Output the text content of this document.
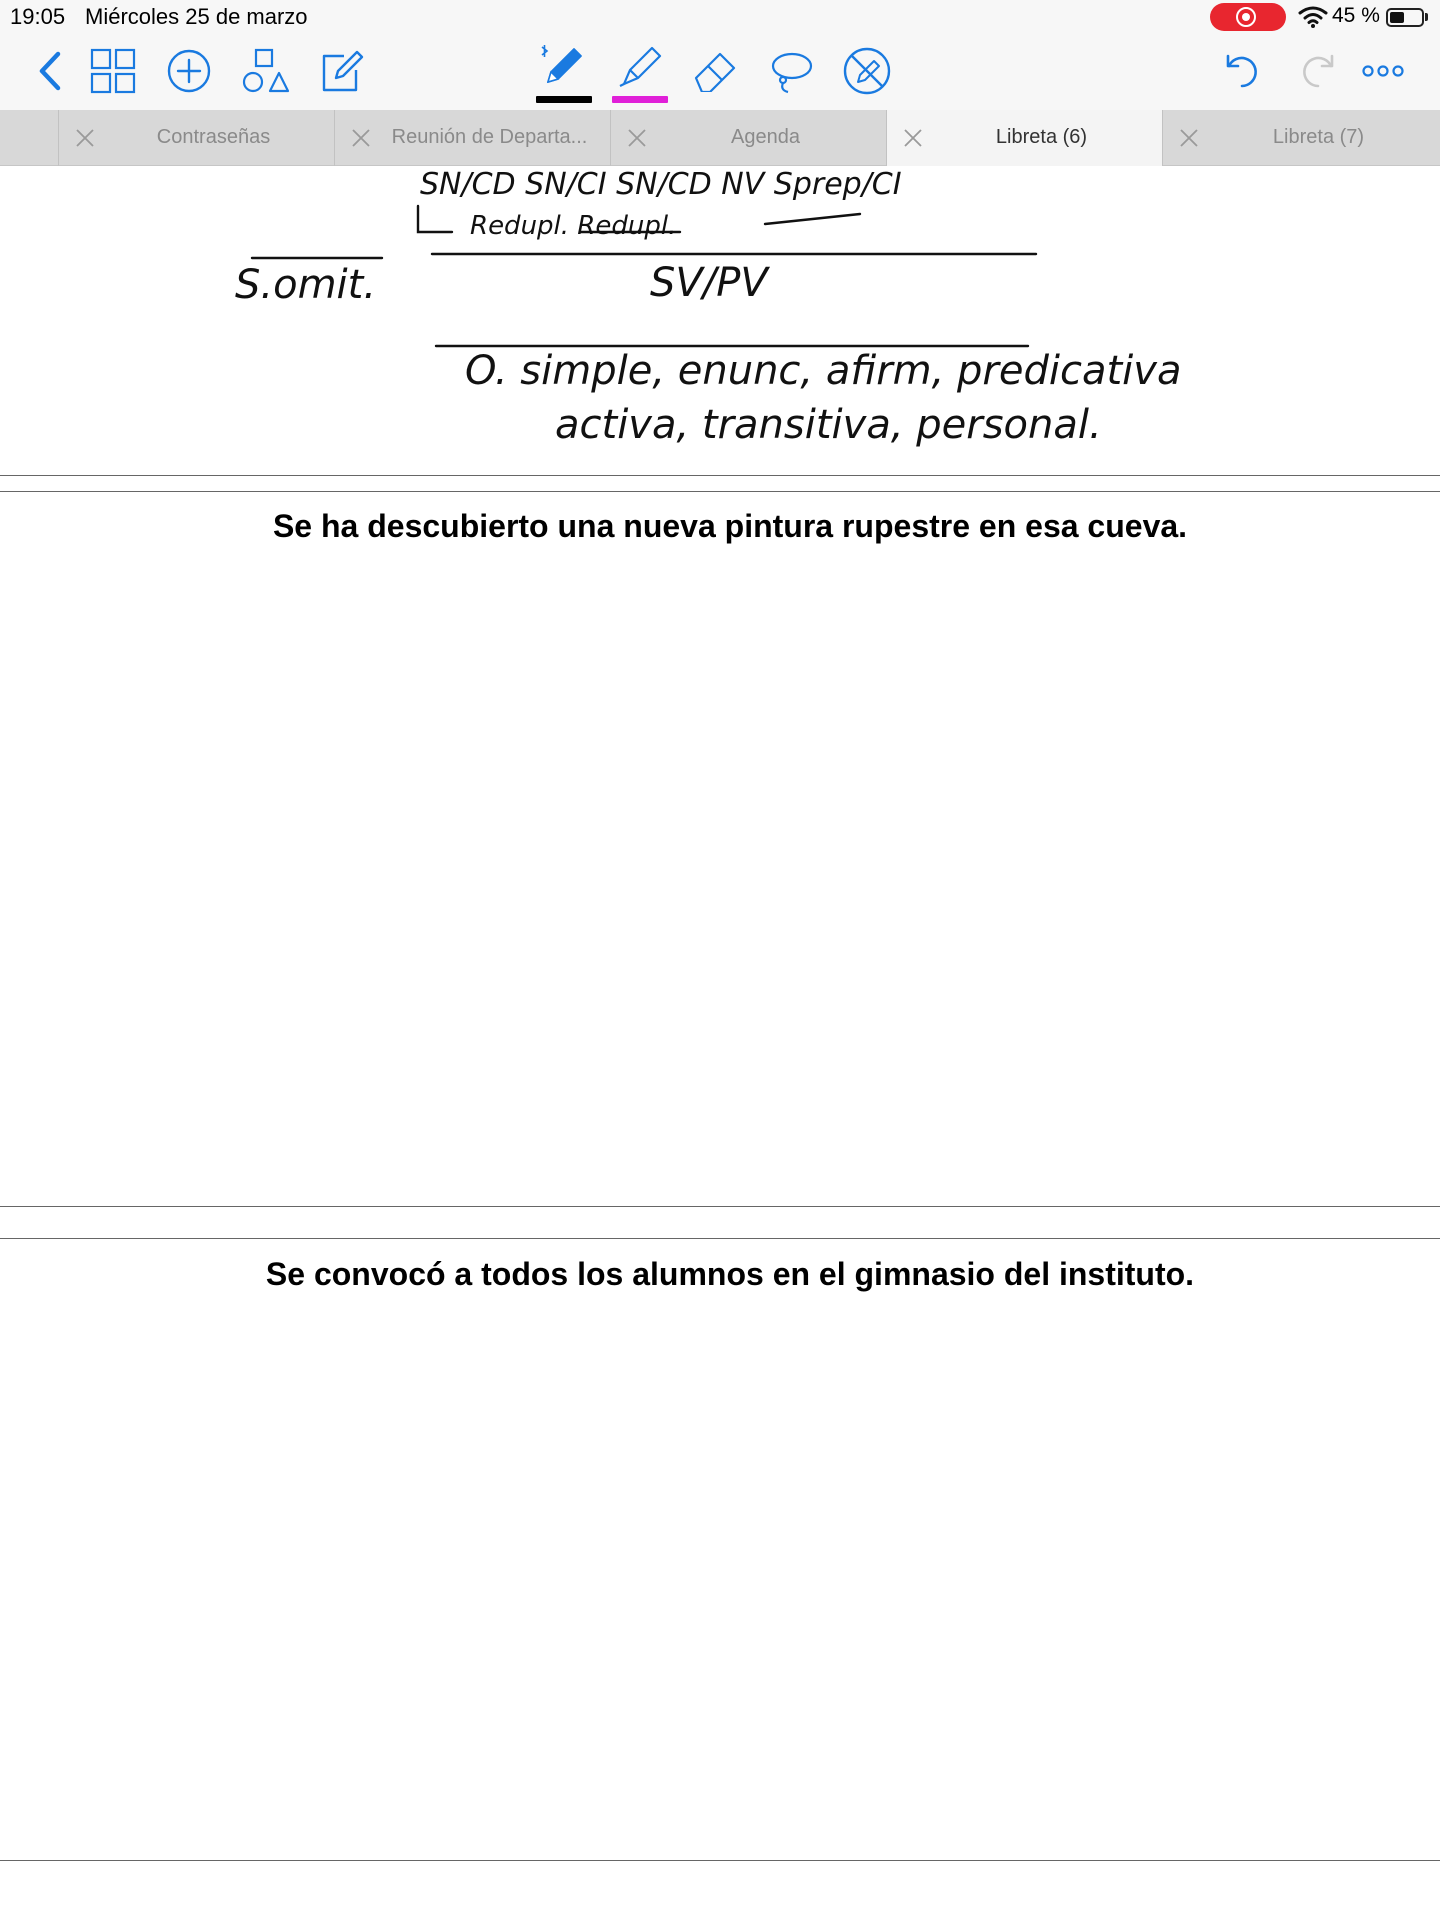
19:05 Miércoles 25 de marzo	45 %
Contraseñas	Reunión de Departa...	Agenda	Libreta (6)	Libreta (7)
SN/CD SN/CI SN/CD NV Sprep/CI
Redupl. Redupl.
S.omit.	SV/PV
O. simple, enunc, afirm, predicativa
activa, transitiva, personal.
Se ha descubierto una nueva pintura rupestre en esa cueva.
Se convocó a todos los alumnos en el gimnasio del instituto.
